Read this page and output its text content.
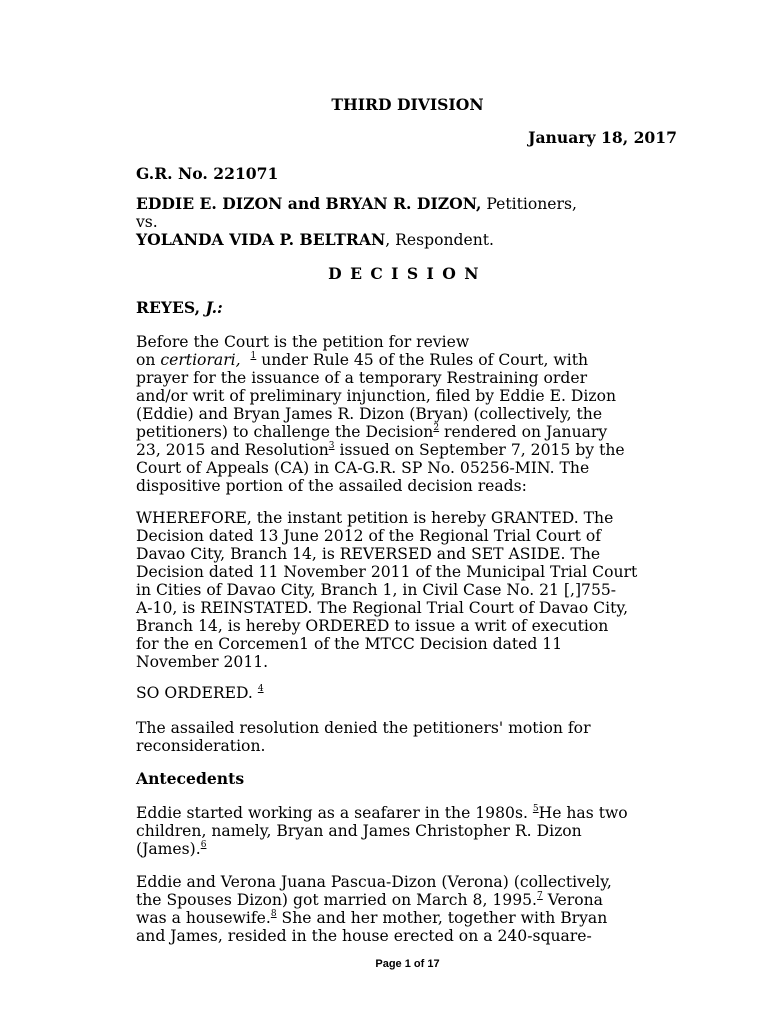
THIRD DIVISION
January 18, 2017
G.R. No. 221071
EDDIE E. DIZON and BRYAN R. DIZON, Petitioners,
vs.
YOLANDA VIDA P. BELTRAN, Respondent.
DECISION
REYES, J.:
Before the Court is the petition for review
on certiorari, $^1$ under Rule 45 of the Rules of Court, with
prayer for the issuance of a temporary Restraining order
and/or writ of preliminary injunction, filed by Eddie E. Dizon
(Eddie) and Bryan James R. Dizon (Bryan) (collectively, the
petitioners) to challenge the Decision$^2$ rendered on January
23, 2015 and Resolution$^3$ issued on September 7, 2015 by the
Court of Appeals (CA) in CA-G.R. SP No. 05256-MIN. The
dispositive portion of the assailed decision reads:
WHEREFORE, the instant petition is hereby GRANTED. The
Decision dated 13 June 2012 of the Regional Trial Court of
Davao City, Branch 14, is REVERSED and SET ASIDE. The
Decision dated 11 November 2011 of the Municipal Trial Court
in Cities of Davao City, Branch 1, in Civil Case No. 21 [,]755-
A-10, is REINSTATED. The Regional Trial Court of Davao City,
Branch 14, is hereby ORDERED to issue a writ of execution
for the en Corcemen1 of the MTCC Decision dated 11
November 2011.
SO ORDERED. $^4$
The assailed resolution denied the petitioners' motion for
reconsideration.
Antecedents
Eddie started working as a seafarer in the 1980s. $^5$He has two
children, namely, Bryan and James Christopher R. Dizon
(James).$^6$
Eddie and Verona Juana Pascua-Dizon (Verona) (collectively,
the Spouses Dizon) got married on March 8, 1995.$^7$ Verona
was a housewife.$^8$ She and her mother, together with Bryan
and James, resided in the house erected on a 240-square-
Page 1 of 17
